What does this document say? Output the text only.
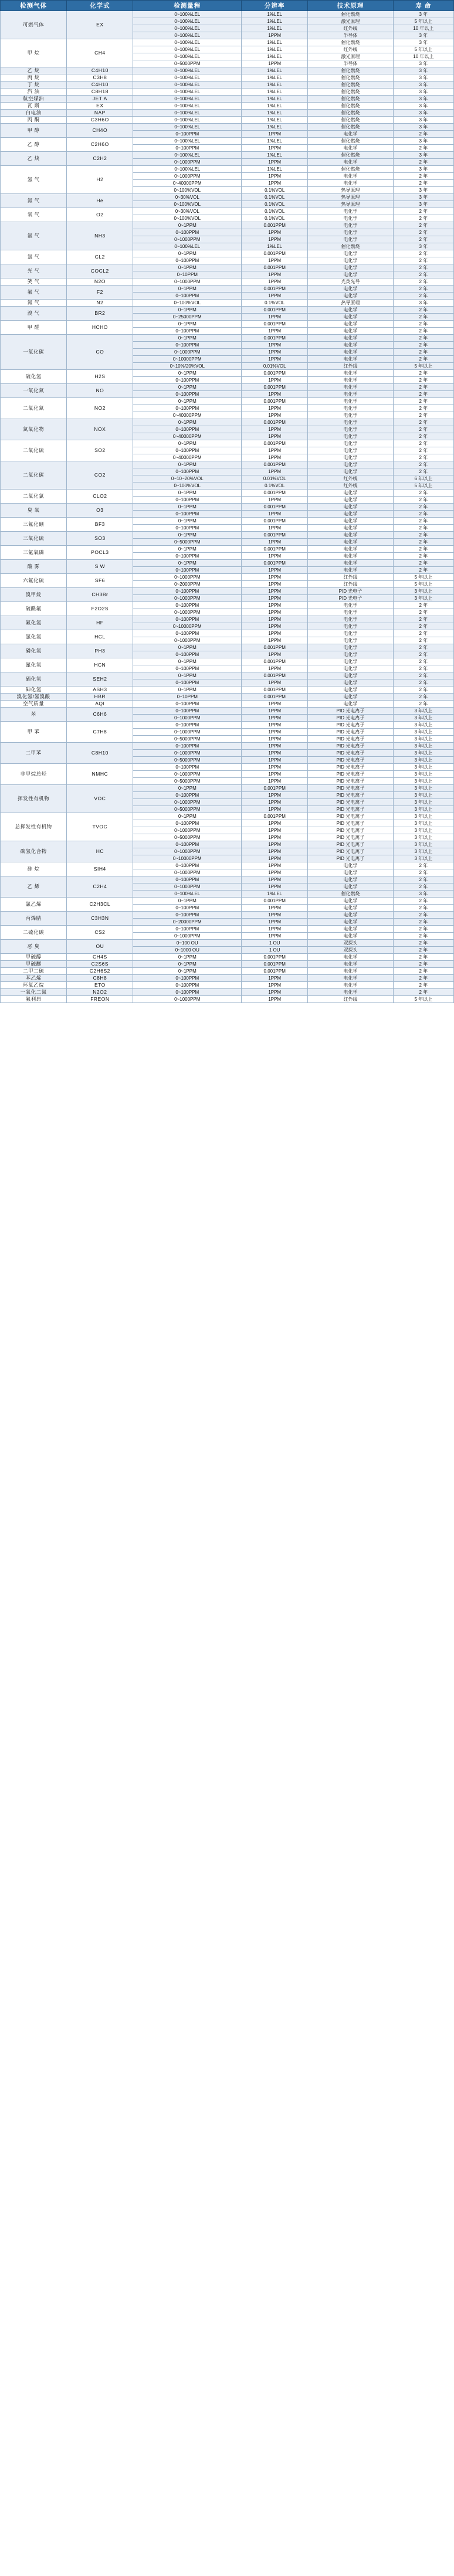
检测气体	化学式	检测量程	分辨率	技术原理	寿 命
可燃气体	EX	0~100%LEL	1%LEL	催化燃烧	3 年
		0~100%LEL	1%LEL	激光原理	5 年以上
		0~100%LEL	1%LEL	红外线	10 年以上
		0~100%LEL	1PPM	半导体	3 年
甲 烷	CH4	0~100%LEL	1%LEL	催化燃烧	3 年
		0~100%LEL	1%LEL	红外线	5 年以上
		0~100%LEL	1%LEL	激光原理	10 年以上
		0~5000PPM	1PPM	半导体	3 年
乙 烷	C4H10	0~100%LEL	1%LEL	催化燃烧	3 年
丙 烷	C3H8	0~100%LEL	1%LEL	催化燃烧	3 年
丁 烷	C4H10	0~100%LEL	1%LEL	催化燃烧	3 年
汽 油	C8H18	0~100%LEL	1%LEL	催化燃烧	3 年
航空煤油	JET A	0~100%LEL	1%LEL	催化燃烧	3 年
瓦 斯	EX	0~100%LEL	1%LEL	催化燃烧	3 年
白电油	NAP	0~100%LEL	1%LEL	催化燃烧	3 年
丙 酮	C3H6O	0~100%LEL	1%LEL	催化燃烧	3 年
甲 醇	CH4O	0~100%LEL	1%LEL	催化燃烧	3 年
		0~100PPM	1PPM	电化学	2 年
乙 醇	C2H6O	0~100%LEL	1%LEL	催化燃烧	3 年
		0~100PPM	1PPM	电化学	2 年
乙 炔	C2H2	0~100%LEL	1%LEL	催化燃烧	3 年
		0~1000PPM	1PPM	电化学	2 年
氢 气	H2	0~100%LEL	1%LEL	催化燃烧	3 年
		0~1000PPM	1PPM	电化学	2 年
		0~40000PPM	1PPM	电化学	2 年
		0~100%VOL	0.1%VOL	热导原理	3 年
氦 气	He	0~30%VOL	0.1%VOL	热导原理	3 年
		0~100%VOL	0.1%VOL	热导原理	3 年
氧 气	O2	0~30%VOL	0.1%VOL	电化学	2 年
		0~100%VOL	0.1%VOL	电化学	2 年
氨 气	NH3	0~1PPM	0.001PPM	电化学	2 年
		0~100PPM	1PPM	电化学	2 年
		0~1000PPM	1PPM	电化学	2 年
		0~100%LEL	1%LEL	催化燃烧	3 年
氯 气	CL2	0~1PPM	0.001PPM	电化学	2 年
		0~100PPM	1PPM	电化学	2 年
光 气	COCL2	0~1PPM	0.001PPM	电化学	2 年
		0~10PPM	1PPM	电化学	2 年
笑 气	N2O	0~1000PPM	1PPM	光荧光导	2 年
氟 气	F2	0~1PPM	0.001PPM	电化学	2 年
		0~100PPM	1PPM	电化学	2 年
氮 气	N2	0~100%VOL	0.1%VOL	热导原理	3 年
溴 气	BR2	0~1PPM	0.001PPM	电化学	2 年
		0~25000PPM	1PPM	电化学	2 年
甲 醛	HCHO	0~1PPM	0.001PPM	电化学	2 年
		0~100PPM	1PPM	电化学	2 年
一氧化碳	CO	0~1PPM	0.001PPM	电化学	2 年
		0~100PPM	1PPM	电化学	2 年
		0~1000PPM	1PPM	电化学	2 年
		0~10000PPM	1PPM	电化学	2 年
		0~10%/20%VOL	0.01%VOL	红外线	5 年以上
硫化氢	H2S	0~1PPM	0.001PPM	电化学	2 年
		0~100PPM	1PPM	电化学	2 年
一氧化氮	NO	0~1PPM	0.001PPM	电化学	2 年
		0~100PPM	1PPM	电化学	2 年
二氧化氮	NO2	0~1PPM	0.001PPM	电化学	2 年
		0~100PPM	1PPM	电化学	2 年
		0~40000PPM	1PPM	电化学	2 年
氮氧化物	NOX	0~1PPM	0.001PPM	电化学	2 年
		0~100PPM	1PPM	电化学	2 年
		0~40000PPM	1PPM	电化学	2 年
二氧化硫	SO2	0~1PPM	0.001PPM	电化学	2 年
		0~100PPM	1PPM	电化学	2 年
		0~40000PPM	1PPM	电化学	2 年
二氧化碳	CO2	0~1PPM	0.001PPM	电化学	2 年
		0~100PPM	1PPM	电化学	2 年
		0~10~20%VOL	0.01%VOL	红外线	6 年以上
		0~100%VOL	0.1%VOL	红外线	5 年以上
二氧化氯	CLO2	0~1PPM	0.001PPM	电化学	2 年
		0~100PPM	1PPM	电化学	2 年
臭 氧	O3	0~1PPM	0.001PPM	电化学	2 年
		0~100PPM	1PPM	电化学	2 年
三氟化硼	BF3	0~1PPM	0.001PPM	电化学	2 年
		0~100PPM	1PPM	电化学	2 年
三氧化硫	SO3	0~1PPM	0.001PPM	电化学	2 年
		0~5000PPM	1PPM	电化学	2 年
三氯氧磷	POCL3	0~1PPM	0.001PPM	电化学	2 年
		0~100PPM	1PPM	电化学	2 年
酸 雾	S W	0~1PPM	0.001PPM	电化学	2 年
		0~100PPM	1PPM	电化学	2 年
六氟化硫	SF6	0~1000PPM	1PPM	红外线	5 年以上
		0~2000PPM	1PPM	红外线	5 年以上
溴甲烷	CH3Br	0~100PPM	1PPM	PID 光电子	3 年以上
		0~1000PPM	1PPM	PID 光电子	3 年以上
硫酰氟	F2O2S	0~100PPM	1PPM	电化学	2 年
		0~1000PPM	1PPM	电化学	2 年
氟化氢	HF	0~100PPM	1PPM	电化学	2 年
		0~10000PPM	1PPM	电化学	2 年
氯化氢	HCL	0~100PPM	1PPM	电化学	2 年
		0~1000PPM	1PPM	电化学	2 年
磷化氢	PH3	0~1PPM	0.001PPM	电化学	2 年
		0~100PPM	1PPM	电化学	2 年
氰化氢	HCN	0~1PPM	0.001PPM	电化学	2 年
		0~100PPM	1PPM	电化学	2 年
硒化氢	SEH2	0~1PPM	0.001PPM	电化学	2 年
		0~100PPM	1PPM	电化学	2 年
砷化氢	ASH3	0~1PPM	0.001PPM	电化学	2 年
溴化氢/氢溴酸	HBR	0~10PPM	0.001PPM	电化学	2 年
空气质量	AQI	0~100PPM	1PPM	电化学	2 年
苯	C6H6	0~100PPM	1PPM	PID 光电离子	3 年以上
		0~1000PPM	1PPM	PID 光电离子	3 年以上
甲 苯	C7H8	0~100PPM	1PPM	PID 光电离子	3 年以上
		0~1000PPM	1PPM	PID 光电离子	3 年以上
		0~5000PPM	1PPM	PID 光电离子	3 年以上
二甲苯	C8H10	0~100PPM	1PPM	PID 光电离子	3 年以上
		0~1000PPM	1PPM	PID 光电离子	3 年以上
		0~5000PPM	1PPM	PID 光电离子	3 年以上
非甲烷总烃	NMHC	0~100PPM	1PPM	PID 光电离子	3 年以上
		0~1000PPM	1PPM	PID 光电离子	3 年以上
		0~5000PPM	1PPM	PID 光电离子	3 年以上
挥发性有机物	VOC	0~1PPM	0.001PPM	PID 光电离子	3 年以上
		0~100PPM	1PPM	PID 光电离子	3 年以上
		0~1000PPM	1PPM	PID 光电离子	3 年以上
		0~5000PPM	1PPM	PID 光电离子	3 年以上
总挥发性有机物	TVOC	0~1PPM	0.001PPM	PID 光电离子	3 年以上
		0~100PPM	1PPM	PID 光电离子	3 年以上
		0~1000PPM	1PPM	PID 光电离子	3 年以上
		0~5000PPM	1PPM	PID 光电离子	3 年以上
碳氢化合物	HC	0~100PPM	1PPM	PID 光电离子	3 年以上
		0~1000PPM	1PPM	PID 光电离子	3 年以上
		0~10000PPM	1PPM	PID 光电离子	3 年以上
硅 烷	SIH4	0~100PPM	1PPM	电化学	2 年
		0~1000PPM	1PPM	电化学	2 年
乙 烯	C2H4	0~100PPM	1PPM	电化学	2 年
		0~1000PPM	1PPM	电化学	2 年
		0~100%LEL	1%LEL	催化燃烧	3 年
氯乙烯	C2H3CL	0~1PPM	0.001PPM	电化学	2 年
		0~100PPM	1PPM	电化学	2 年
丙烯腈	C3H3N	0~100PPM	1PPM	电化学	2 年
		0~20000PPM	1PPM	电化学	2 年
二硫化碳	CS2	0~100PPM	1PPM	电化学	2 年
		0~1000PPM	1PPM	电化学	2 年
恶 臭	OU	0~100 OU	1 OU	双探头	2 年
		0~1000 OU	1 OU	双探头	2 年
甲硫醇	CH4S	0~1PPM	0.001PPM	电化学	2 年
甲硫醚	C2S6S	0~1PPM	0.001PPM	电化学	2 年
二甲二硫	C2H6S2	0~1PPM	0.001PPM	电化学	2 年
苯乙烯	C8H8	0~100PPM	1PPM	电化学	2 年
环氧乙烷	ETO	0~100PPM	1PPM	电化学	2 年
一氧化二氮	N2O2	0~100PPM	1PPM	电化学	2 年
氟利昂	FREON	0~1000PPM	1PPM	红外线	5 年以上
